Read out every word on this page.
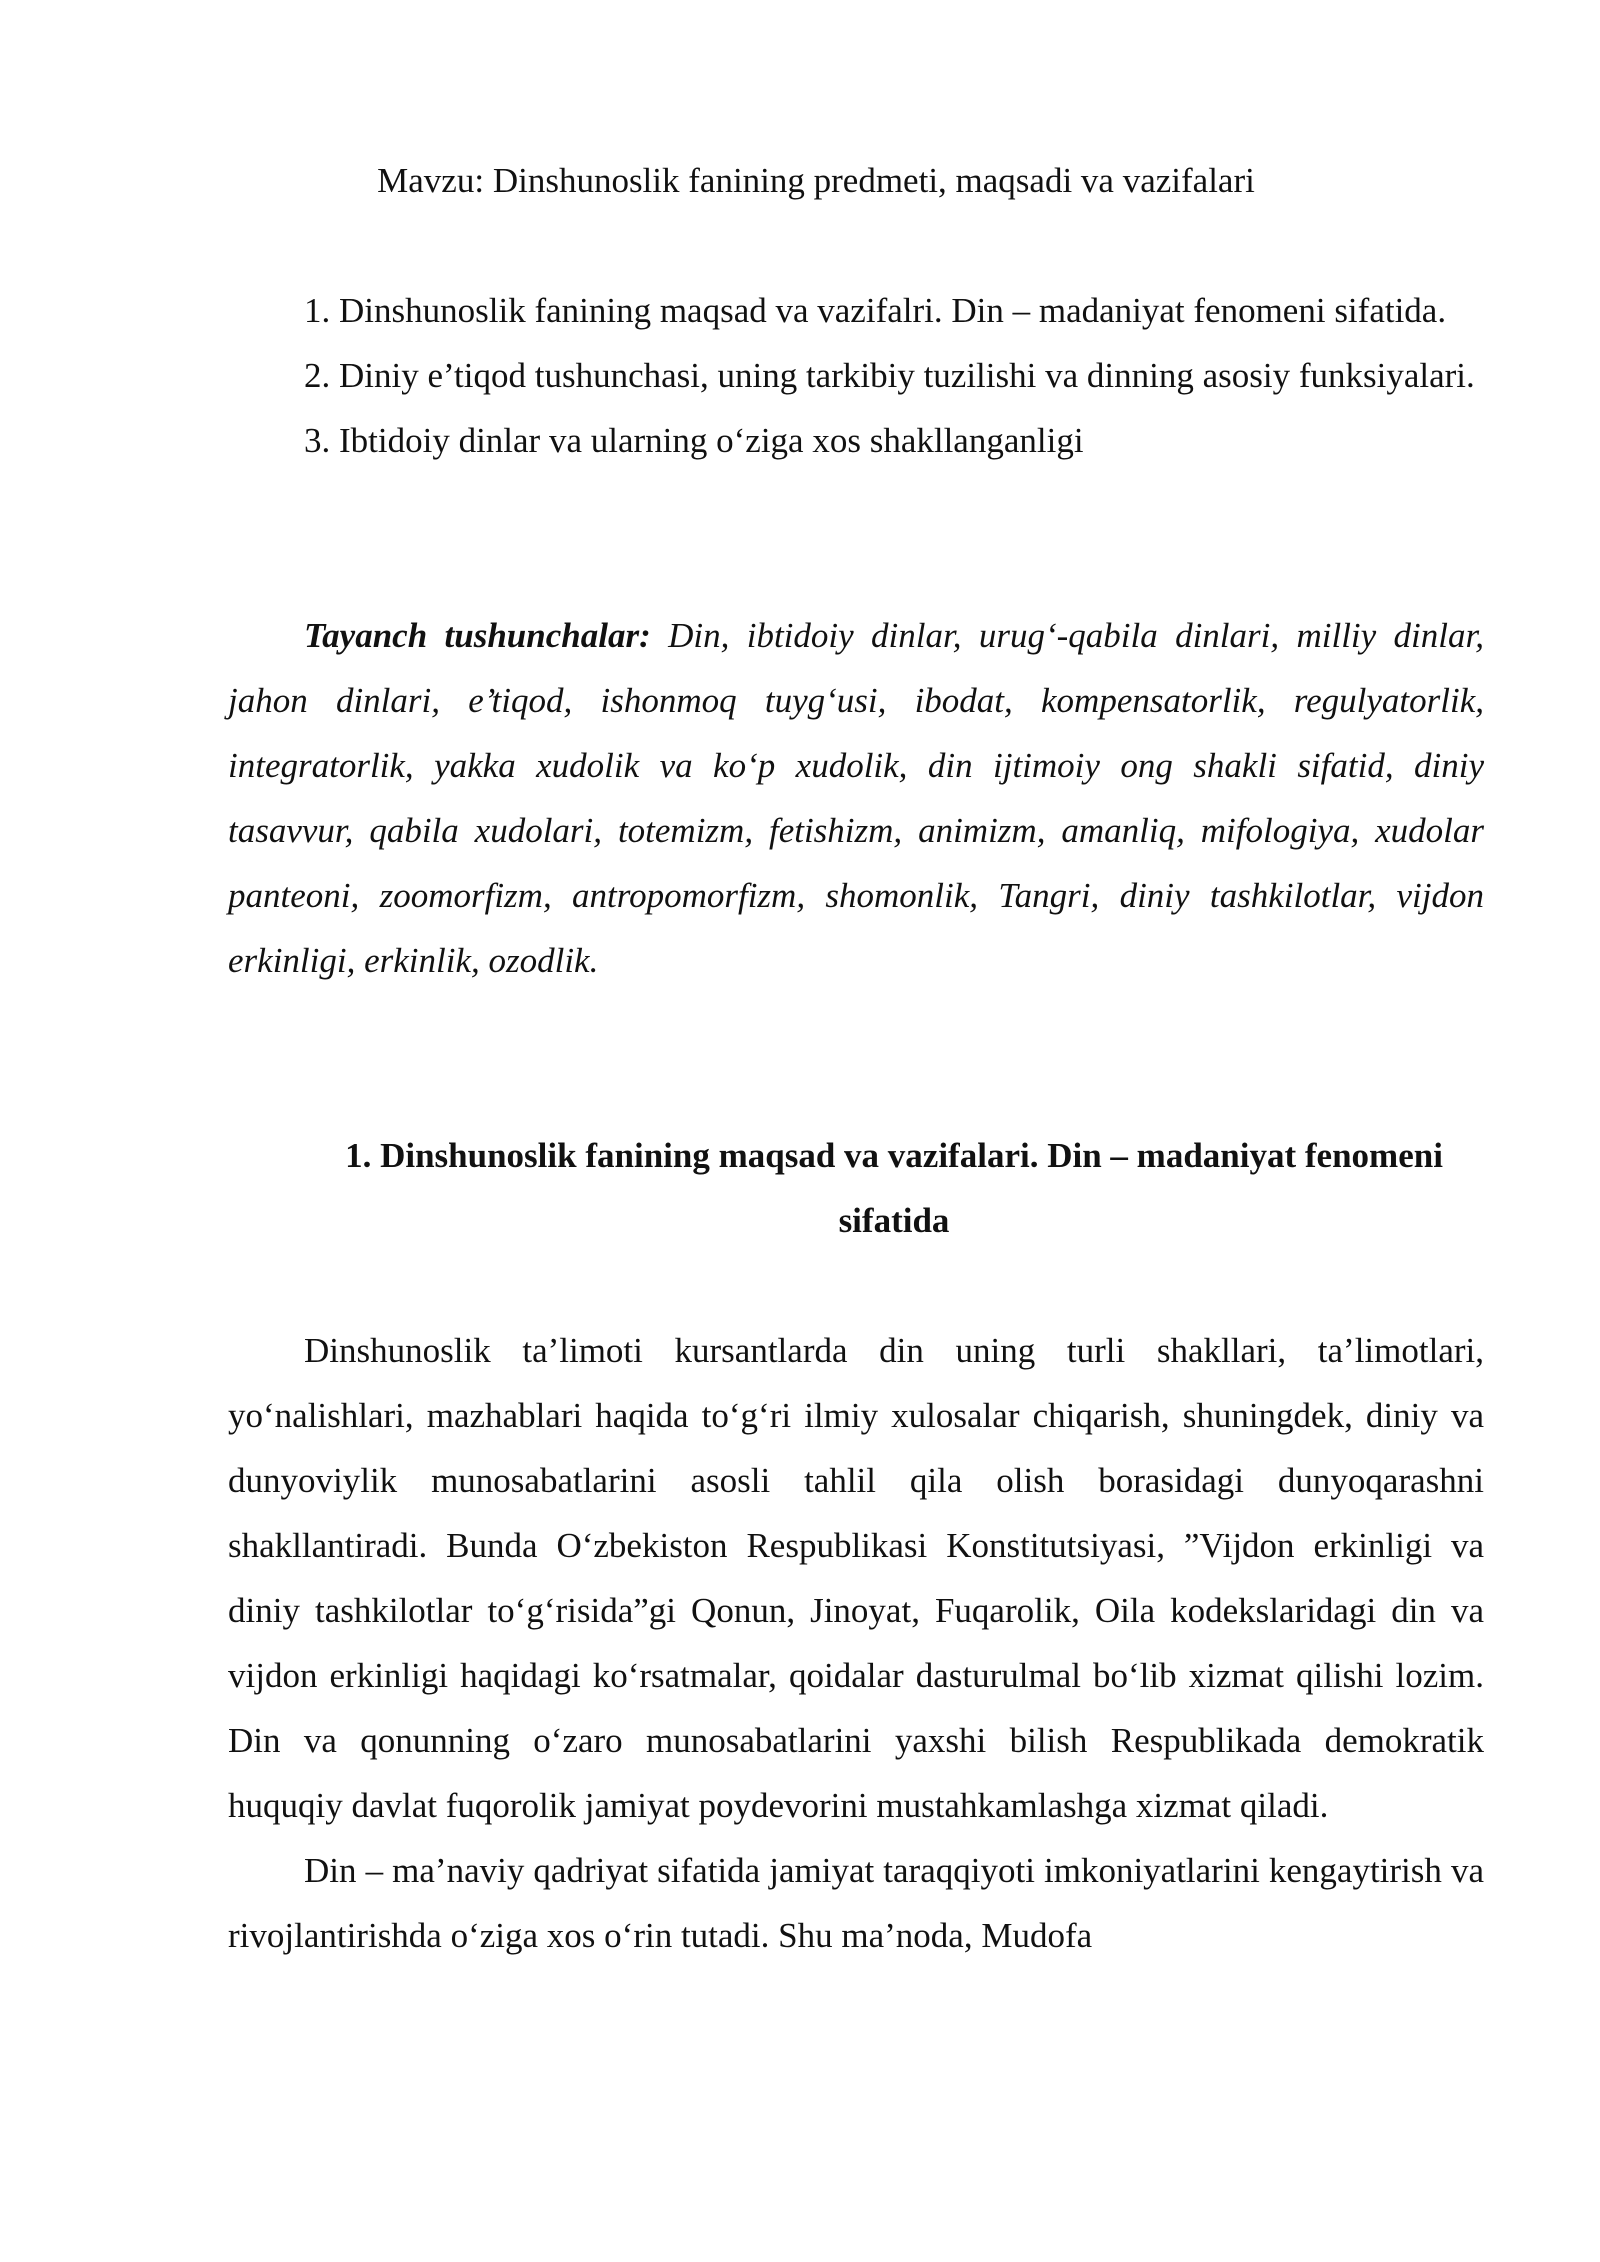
Mavzu: Dinshunoslik fanining predmeti, maqsadi va vazifalari

1. Dinshunoslik fanining maqsad va vazifalri. Din – madaniyat fenomeni sifatida.
2. Diniy e’tiqod tushunchasi, uning tarkibiy tuzilishi va dinning asosiy funksiyalari.
3. Ibtidoiy dinlar va ularning o‘ziga xos shakllanganligi

Tayanch tushunchalar: Din, ibtidoiy dinlar, urug‘-qabila dinlari, milliy dinlar, jahon dinlari, e’tiqod, ishonmoq tuyg‘usi, ibodat, kompensatorlik, regulyatorlik, integratorlik, yakka xudolik va ko‘p xudolik, din ijtimoiy ong shakli sifatid, diniy tasavvur, qabila xudolari, totemizm, fetishizm, animizm, amanliq, mifologiya, xudolar panteoni, zoomorfizm, antropomorfizm, shomonlik, Tangri, diniy tashkilotlar, vijdon erkinligi, erkinlik, ozodlik.

1. Dinshunoslik fanining maqsad va vazifalari. Din – madaniyat fenomeni sifatida

Dinshunoslik ta’limoti kursantlarda din uning turli shakllari, ta’limotlari, yo‘nalishlari, mazhablari haqida to‘g‘ri ilmiy xulosalar chiqarish, shuningdek, diniy va dunyoviylik munosabatlarini asosli tahlil qila olish borasidagi dunyoqarashni shakllantiradi. Bunda O‘zbekiston Respublikasi Konstitutsiyasi, ”Vijdon erkinligi va diniy tashkilotlar to‘g‘risida”gi Qonun, Jinoyat, Fuqarolik, Oila kodekslaridagi din va vijdon erkinligi haqidagi ko‘rsatmalar, qoidalar dasturulmal bo‘lib xizmat qilishi lozim. Din va qonunning o‘zaro munosabatlarini yaxshi bilish Respublikada demokratik huquqiy davlat fuqorolik jamiyat poydevorini mustahkamlashga xizmat qiladi.

Din – ma’naviy qadriyat sifatida jamiyat taraqqiyoti imkoniyatlarini kengaytirish va rivojlantirishda o‘ziga xos o‘rin tutadi. Shu ma’noda, Mudofa
